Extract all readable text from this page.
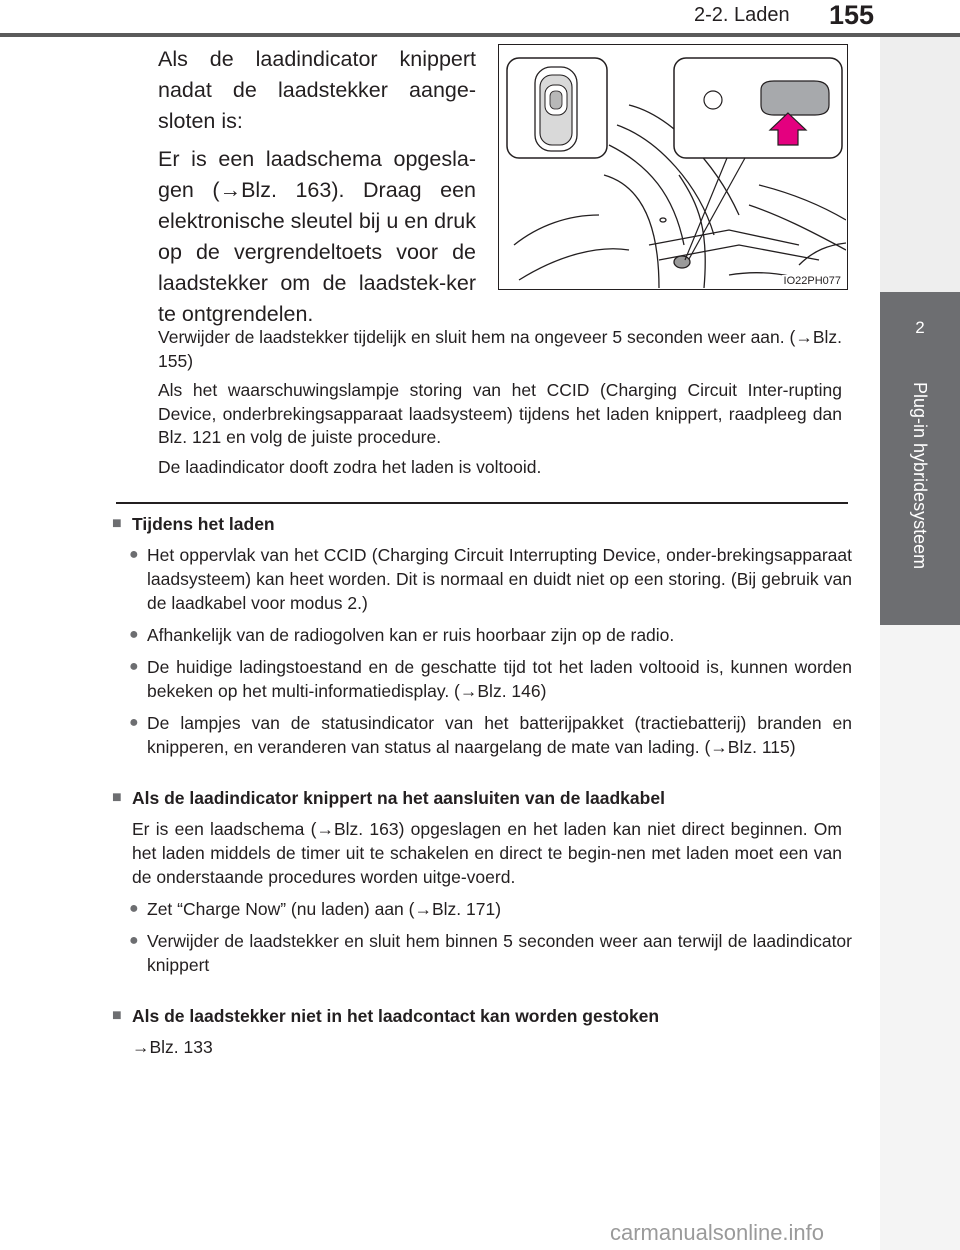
2-2. Laden 155
2
Plug-in hybridesysteem

Als de laadindicator knippert nadat de laadstekker aange-sloten is:

Er is een laadschema opgesla-gen (→Blz. 163). Draag een elektronische sleutel bij u en druk op de vergrendeltoets voor de laadstekker om de laadstek-ker te ontgrendelen.

IO22PH077

Verwijder de laadstekker tijdelijk en sluit hem na ongeveer 5 seconden weer aan. (→Blz. 155)

Als het waarschuwingslampje storing van het CCID (Charging Circuit Inter-rupting Device, onderbrekingsapparaat laadsysteem) tijdens het laden knippert, raadpleeg dan Blz. 121 en volg de juiste procedure.

De laadindicator dooft zodra het laden is voltooid.

■ Tijdens het laden
● Het oppervlak van het CCID (Charging Circuit Interrupting Device, onder-brekingsapparaat laadsysteem) kan heet worden. Dit is normaal en duidt niet op een storing. (Bij gebruik van de laadkabel voor modus 2.)
● Afhankelijk van de radiogolven kan er ruis hoorbaar zijn op de radio.
● De huidige ladingstoestand en de geschatte tijd tot het laden voltooid is, kunnen worden bekeken op het multi-informatiedisplay. (→Blz. 146)
● De lampjes van de statusindicator van het batterijpakket (tractiebatterij) branden en knipperen, en veranderen van status al naargelang de mate van lading. (→Blz. 115)
■ Als de laadindicator knippert na het aansluiten van de laadkabel
Er is een laadschema (→Blz. 163) opgeslagen en het laden kan niet direct beginnen. Om het laden middels de timer uit te schakelen en direct te begin-nen met laden moet een van de onderstaande procedures worden uitge-voerd.
● Zet “Charge Now” (nu laden) aan (→Blz. 171)
● Verwijder de laadstekker en sluit hem binnen 5 seconden weer aan terwijl de laadindicator knippert
■ Als de laadstekker niet in het laadcontact kan worden gestoken
→Blz. 133
carmanualsonline.info
